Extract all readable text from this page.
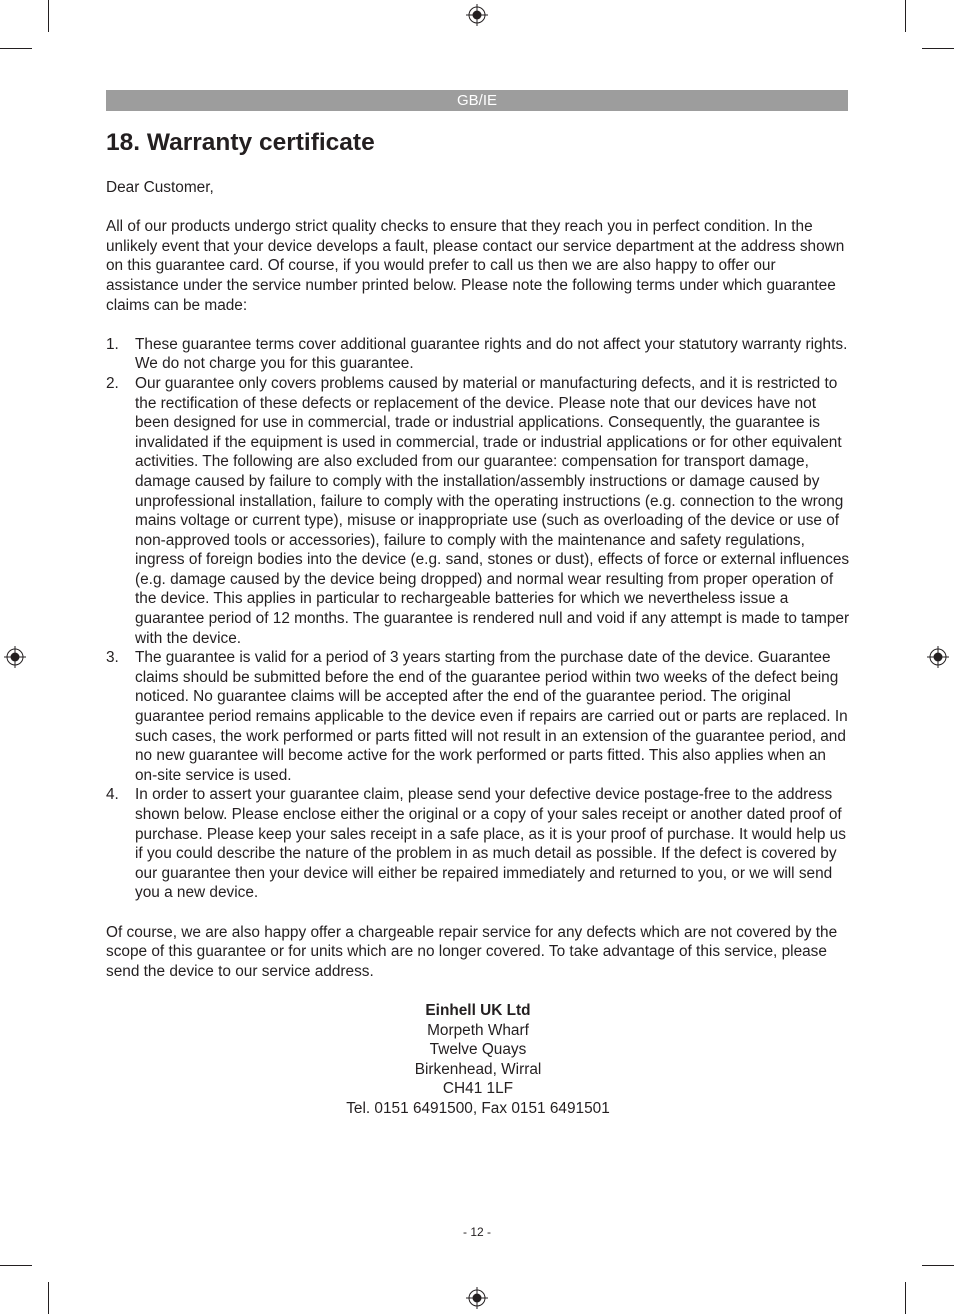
GB/IE
18. Warranty certificate

Dear Customer,

All of our products undergo strict quality checks to ensure that they reach you in perfect condition. In the unlikely event that your device develops a fault, please contact our service department at the address shown on this guarantee card. Of course, if you would prefer to call us then we are also happy to offer our assistance under the service number printed below. Please note the following terms under which guarantee claims can be made:

1. These guarantee terms cover additional guarantee rights and do not affect your statutory warranty rights. We do not charge you for this guarantee.
2. Our guarantee only covers problems caused by material or manufacturing defects, and it is restricted to the rectification of these defects or replacement of the device. Please note that our devices have not been designed for use in commercial, trade or industrial applications. Consequently, the guarantee is invalidated if the equipment is used in commercial, trade or industrial applications or for other equivalent activities. The following are also excluded from our guarantee: compensation for transport damage, damage caused by failure to comply with the installation/assembly instructions or damage caused by unprofessional installation, failure to comply with the operating instructions (e.g. connection to the wrong mains voltage or current type), misuse or inappropriate use (such as overloading of the device or use of non-approved tools or accessories), failure to comply with the maintenance and safety regulations, ingress of foreign bodies into the device (e.g. sand, stones or dust), effects of force or external influences (e.g. damage caused by the device being dropped) and normal wear resulting from proper operation of the device. This applies in particular to rechargeable batteries for which we nevertheless issue a guarantee period of 12 months. The guarantee is rendered null and void if any attempt is made to tamper with the device.
3. The guarantee is valid for a period of 3 years starting from the purchase date of the device. Guarantee claims should be submitted before the end of the guarantee period within two weeks of the defect being noticed. No guarantee claims will be accepted after the end of the guarantee period. The original guarantee period remains applicable to the device even if repairs are carried out or parts are replaced. In such cases, the work performed or parts fitted will not result in an extension of the guarantee period, and no new guarantee will become active for the work performed or parts fitted. This also applies when an on-site service is used.
4. In order to assert your guarantee claim, please send your defective device postage-free to the address shown below. Please enclose either the original or a copy of your sales receipt or another dated proof of purchase. Please keep your sales receipt in a safe place, as it is your proof of purchase. It would help us if you could describe the nature of the problem in as much detail as possible. If the defect is covered by our guarantee then your device will either be repaired immediately and returned to you, or we will send you a new device.

Of course, we are also happy offer a chargeable repair service for any defects which are not covered by the scope of this guarantee or for units which are no longer covered. To take advantage of this service, please send the device to our service address.

Einhell UK Ltd
Morpeth Wharf
Twelve Quays
Birkenhead, Wirral
CH41 1LF
Tel. 0151 6491500, Fax 0151 6491501
- 12 -
